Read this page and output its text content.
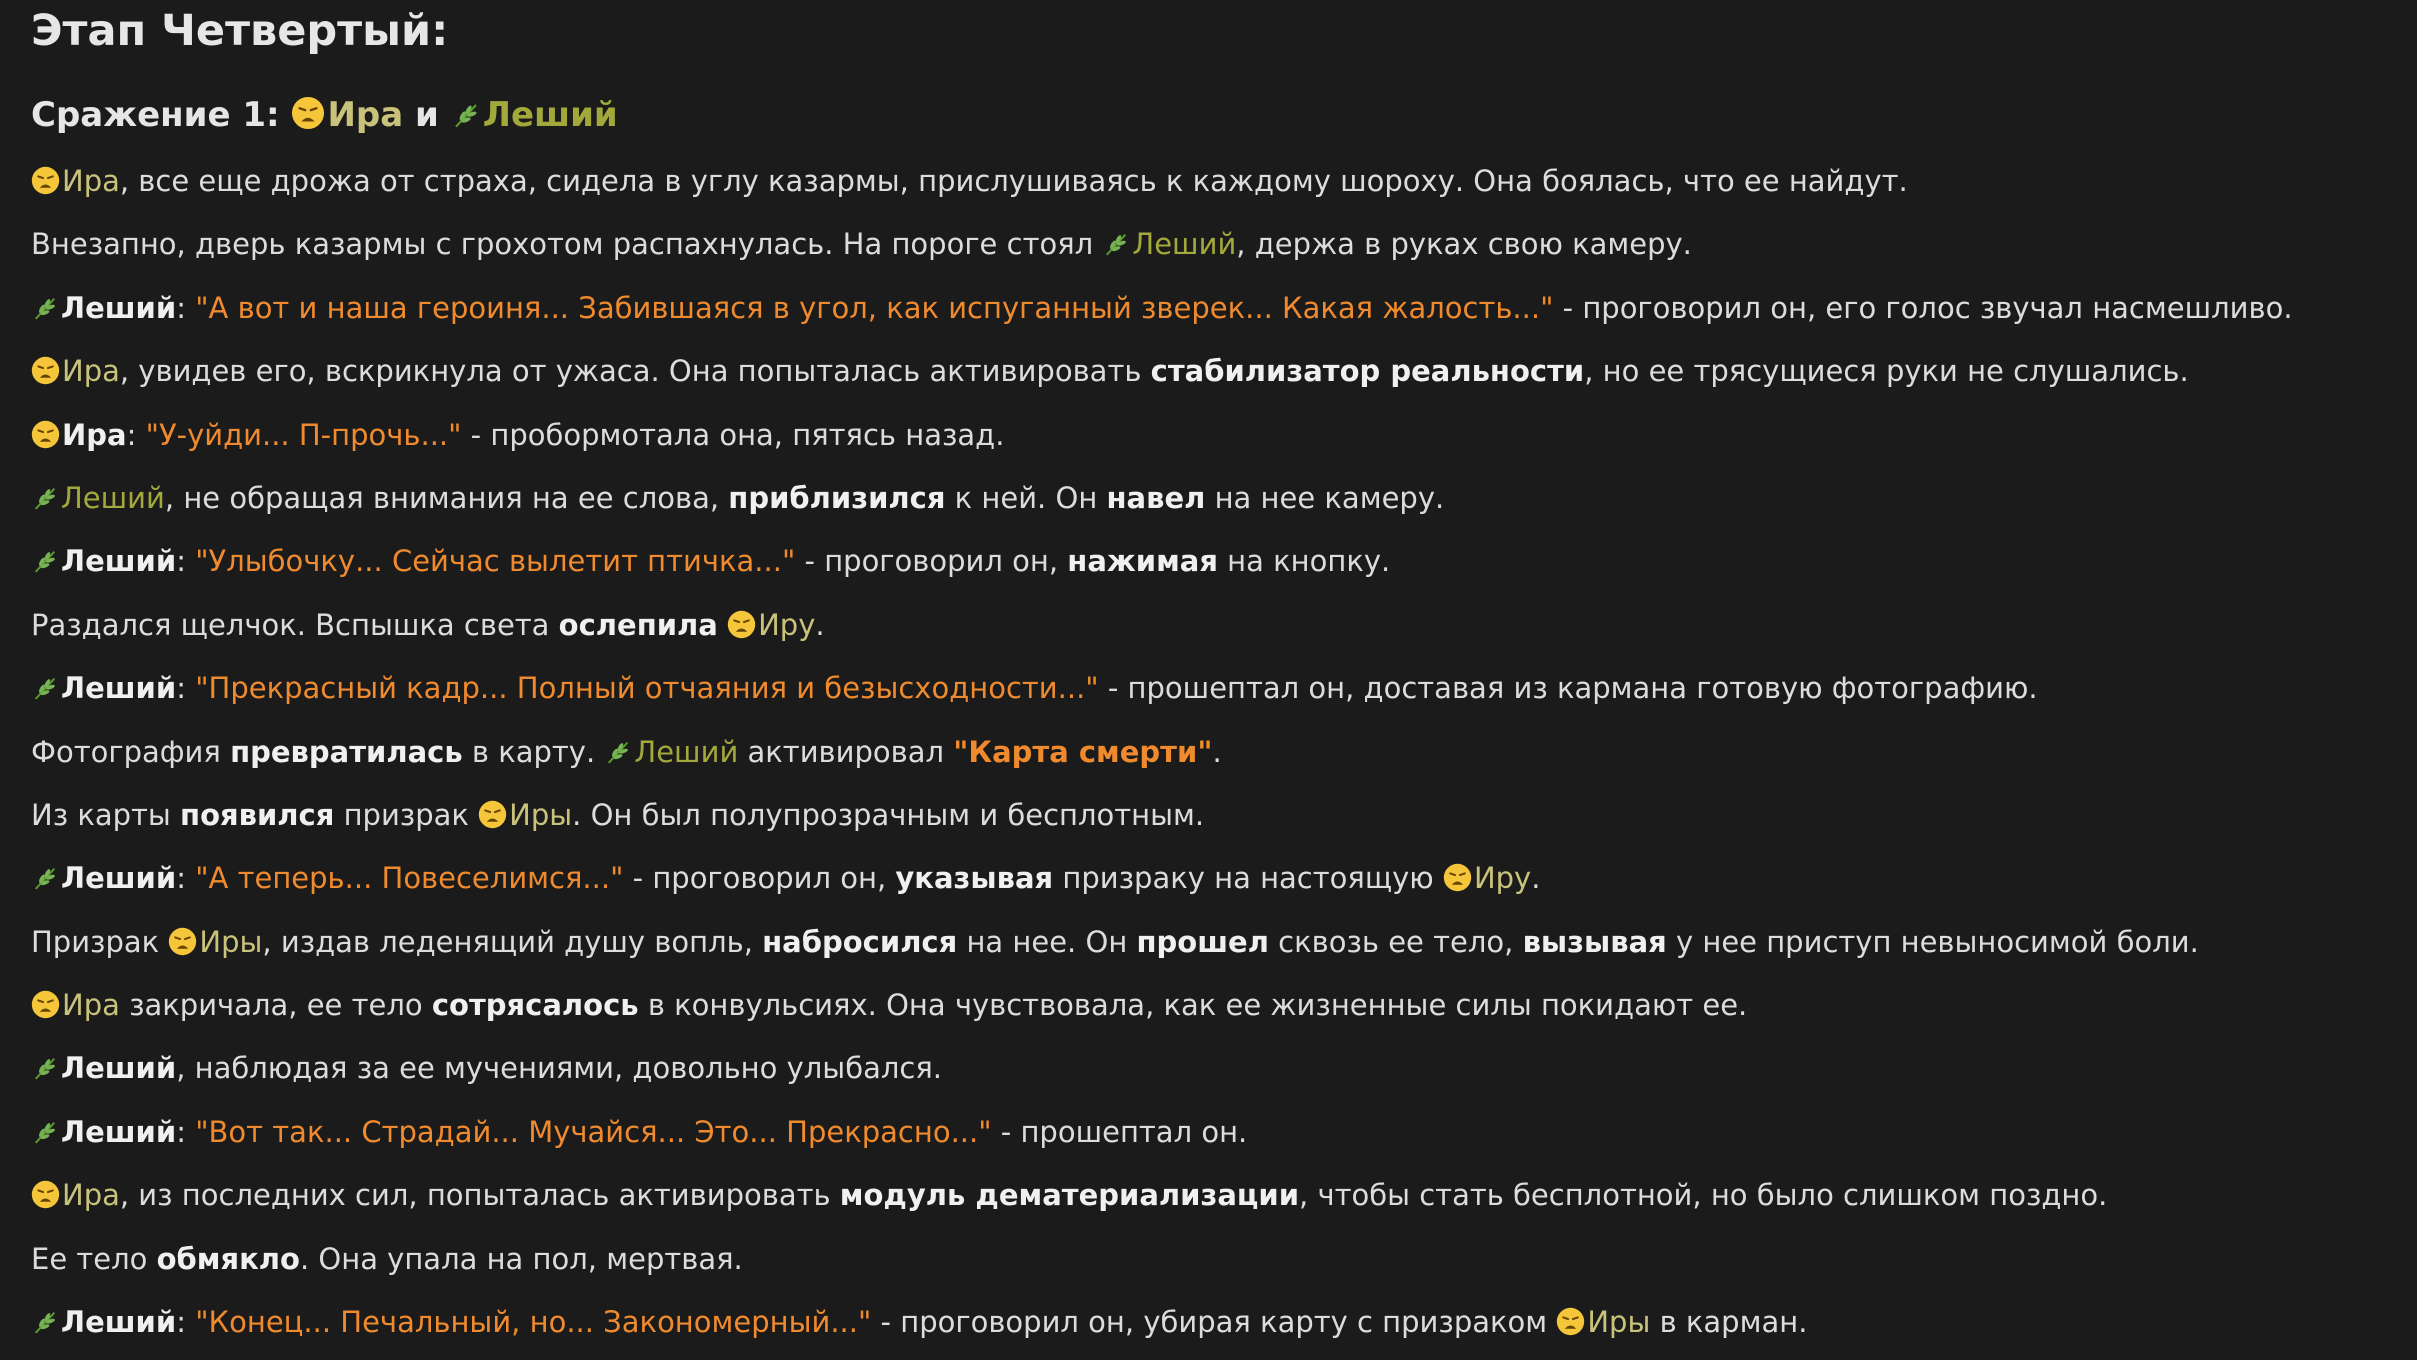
Этап Четвертый:
Сражение 1: Ира и Леший
Ира, все еще дрожа от страха, сидела в углу казармы, прислушиваясь к каждому шороху. Она боялась, что ее найдут.
Внезапно, дверь казармы с грохотом распахнулась. На пороге стоял Леший, держа в руках свою камеру.
Леший: "А вот и наша героиня... Забившаяся в угол, как испуганный зверек... Какая жалость..." - проговорил он, его голос звучал насмешливо.
Ира, увидев его, вскрикнула от ужаса. Она попыталась активировать стабилизатор реальности, но ее трясущиеся руки не слушались.
Ира: "У-уйди... П-прочь..." - пробормотала она, пятясь назад.
Леший, не обращая внимания на ее слова, приблизился к ней. Он навел на нее камеру.
Леший: "Улыбочку... Сейчас вылетит птичка..." - проговорил он, нажимая на кнопку.
Раздался щелчок. Вспышка света ослепила Иру.
Леший: "Прекрасный кадр... Полный отчаяния и безысходности..." - прошептал он, доставая из кармана готовую фотографию.
Фотография превратилась в карту. Леший активировал "Карта смерти".
Из карты появился призрак Иры. Он был полупрозрачным и бесплотным.
Леший: "А теперь... Повеселимся..." - проговорил он, указывая призраку на настоящую Иру.
Призрак Иры, издав леденящий душу вопль, набросился на нее. Он прошел сквозь ее тело, вызывая у нее приступ невыносимой боли.
Ира закричала, ее тело сотрясалось в конвульсиях. Она чувствовала, как ее жизненные силы покидают ее.
Леший, наблюдая за ее мучениями, довольно улыбался.
Леший: "Вот так... Страдай... Мучайся... Это... Прекрасно..." - прошептал он.
Ира, из последних сил, попыталась активировать модуль дематериализации, чтобы стать бесплотной, но было слишком поздно.
Ее тело обмякло. Она упала на пол, мертвая.
Леший: "Конец... Печальный, но... Закономерный..." - проговорил он, убирая карту с призраком Иры в карман.
